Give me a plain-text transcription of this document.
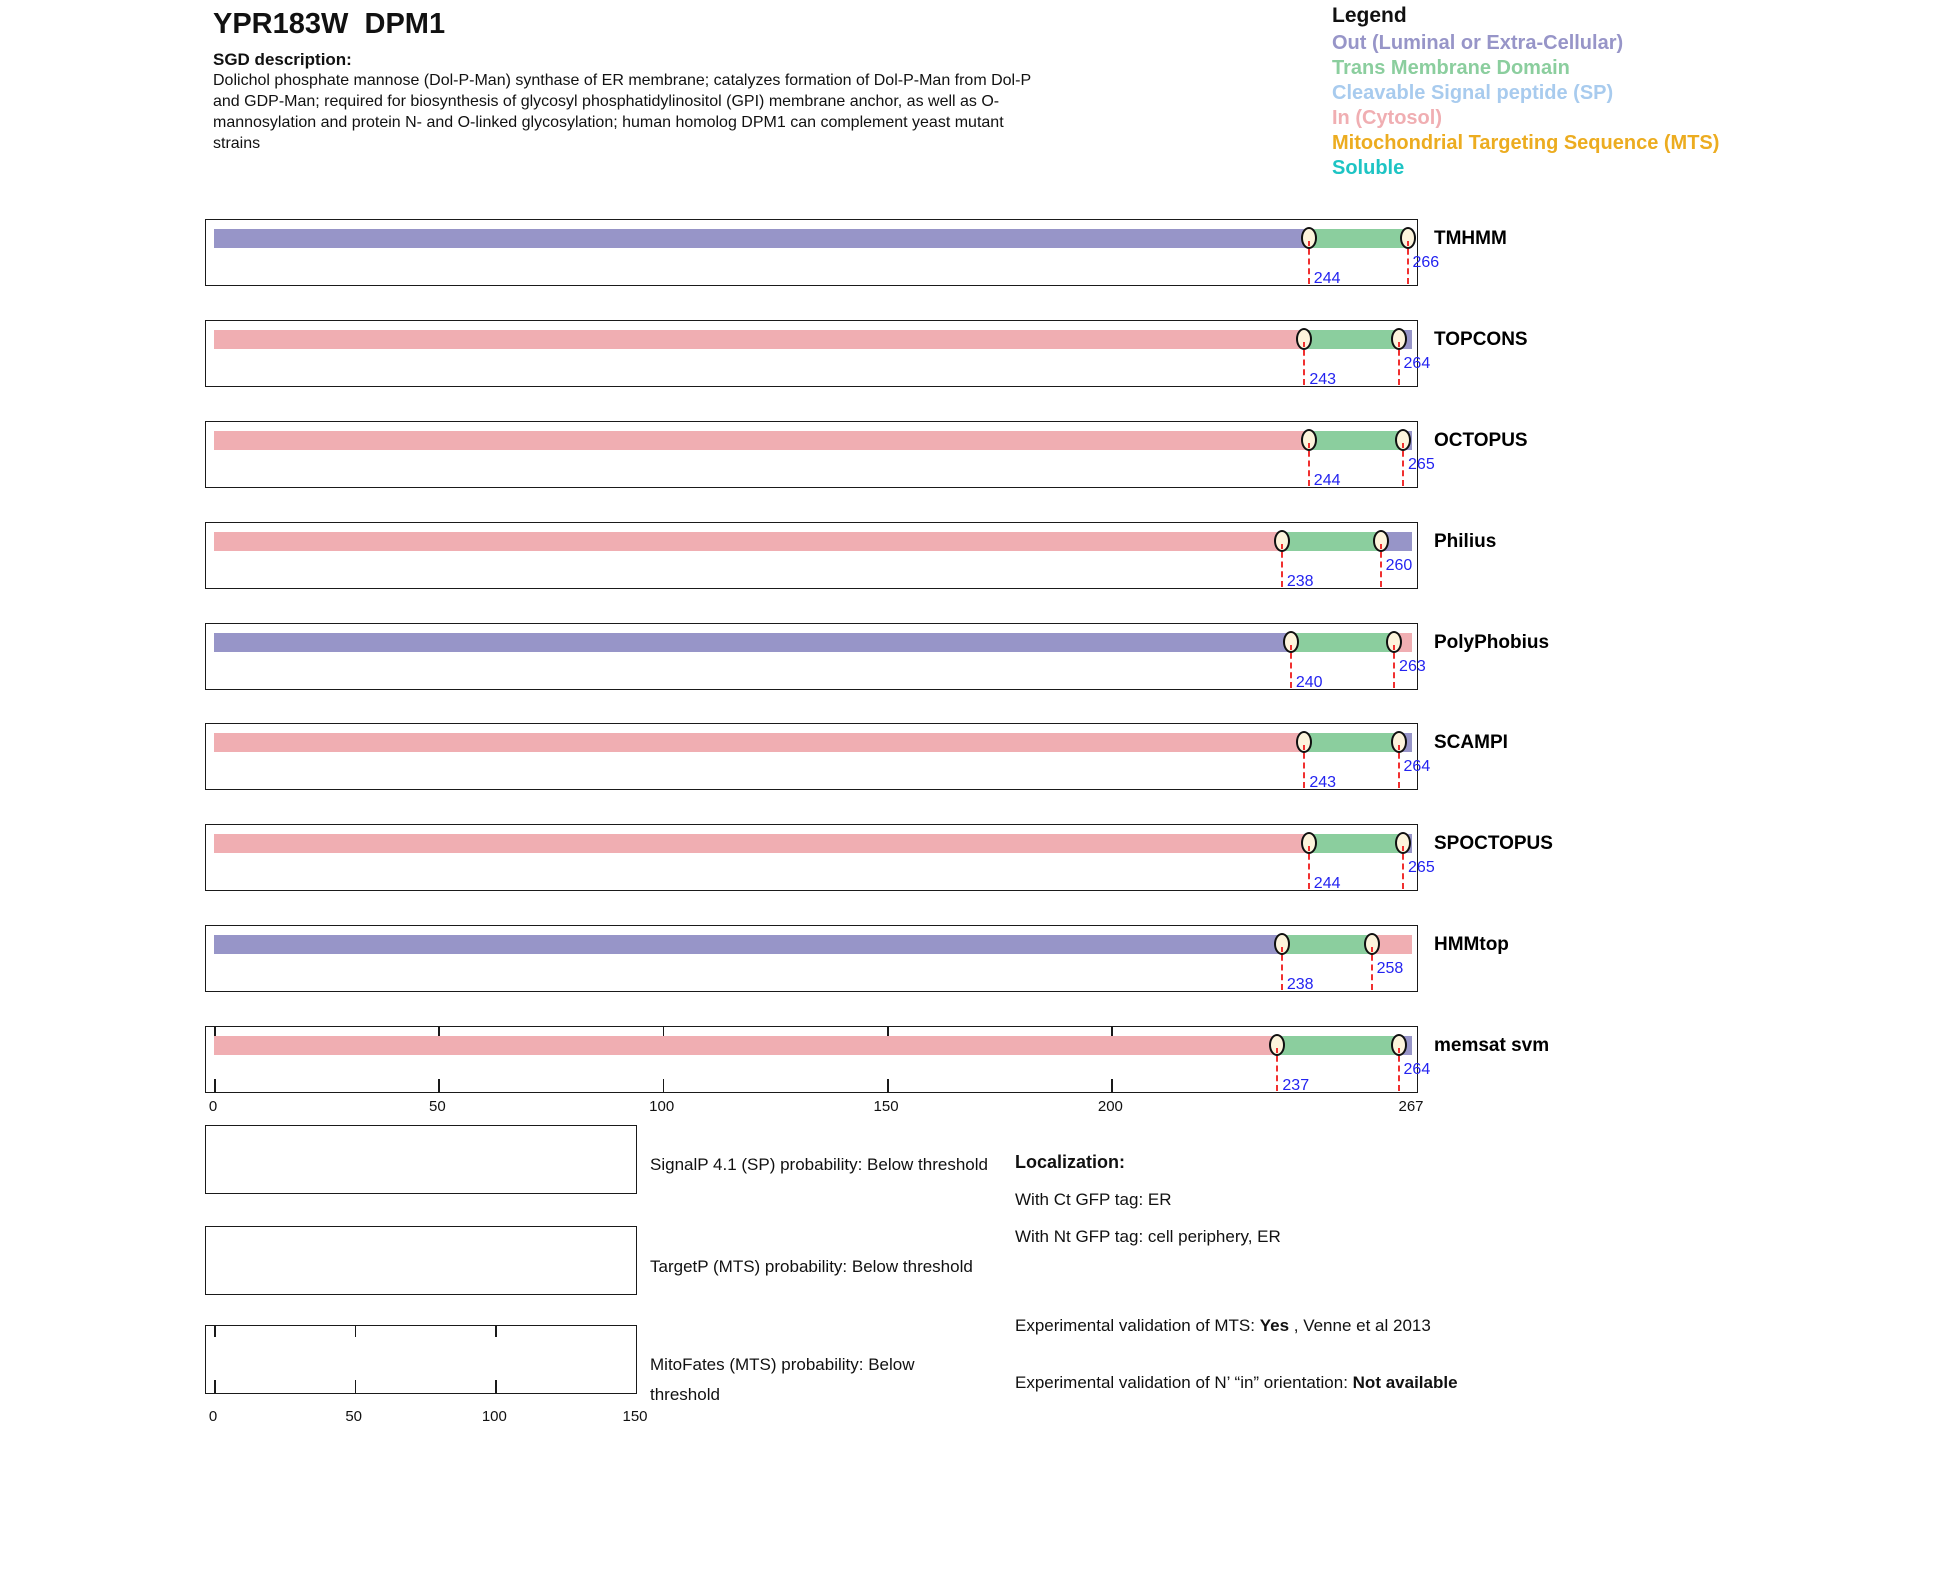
YPR183W  DPM1
SGD description:
Dolichol phosphate mannose (Dol-P-Man) synthase of ER membrane; catalyzes formation of Dol-P-Man from Dol-P and GDP-Man; required for biosynthesis of glycosyl phosphatidylinositol (GPI) membrane anchor, as well as O-mannosylation and protein N- and O-linked glycosylation; human homolog DPM1 can complement yeast mutant strains
Legend
Out (Luminal or Extra-Cellular)
Trans Membrane Domain
Cleavable Signal peptide (SP)
In (Cytosol)
Mitochondrial Targeting Sequence (MTS)
Soluble
244
266
TMHMM
243
264
TOPCONS
244
265
OCTOPUS
238
260
Philius
240
263
PolyPhobius
243
264
SCAMPI
244
265
SPOCTOPUS
238
258
HMMtop
237
264
memsat svm
0	50	100	150	200	267
SignalP 4.1 (SP) probability: Below threshold
TargetP (MTS) probability: Below threshold
MitoFates (MTS) probability: Below threshold
0	50	100	150
Localization:
With Ct GFP tag: ER
With Nt GFP tag: cell periphery, ER
Experimental validation of MTS: Yes , Venne et al 2013
Experimental validation of N’ “in” orientation: Not available
